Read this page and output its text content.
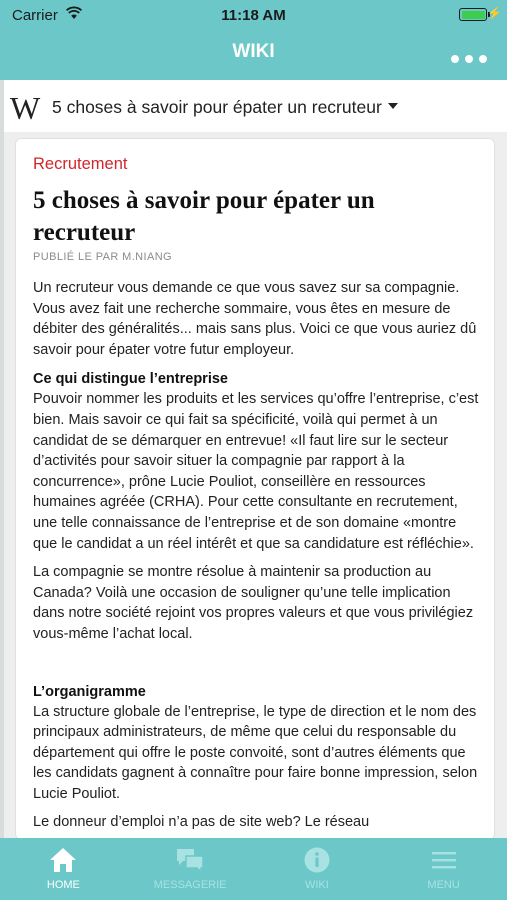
Carrier	11:18 AM	⚡
WIKI
W 5 choses à savoir pour épater un recruteur
Recrutement
5 choses à savoir pour épater un recruteur
PUBLIÉ LE PAR M.NIANG

Un recruteur vous demande ce que vous savez sur sa compagnie. Vous avez fait une recherche sommaire, vous êtes en mesure de débiter des généralités... mais sans plus. Voici ce que vous auriez dû savoir pour épater votre futur employeur.

Ce qui distingue l’entreprise

Pouvoir nommer les produits et les services qu’offre l’entreprise, c’est bien. Mais savoir ce qui fait sa spécificité, voilà qui permet à un candidat de se démarquer en entrevue! «Il faut lire sur le secteur d’activités pour savoir situer la compagnie par rapport à la concurrence», prône Lucie Pouliot, conseillère en ressources humaines agréée (CRHA). Pour cette consultante en recrutement, une telle connaissance de l’entreprise et de son domaine «montre que le candidat a un réel intérêt et que sa candidature est réfléchie».

La compagnie se montre résolue à maintenir sa production au Canada? Voilà une occasion de souligner qu’une telle implication dans notre société rejoint vos propres valeurs et que vous privilégiez vous-même l’achat local.

L’organigramme

La structure globale de l’entreprise, le type de direction et le nom des principaux administrateurs, de même que celui du responsable du département qui offre le poste convoité, sont d’autres éléments que les candidats gagnent à connaître pour faire bonne impression, selon Lucie Pouliot.

Le donneur d’emploi n’a pas de site web? Le réseau

HOME	MESSAGERIE	WIKI	MENU
